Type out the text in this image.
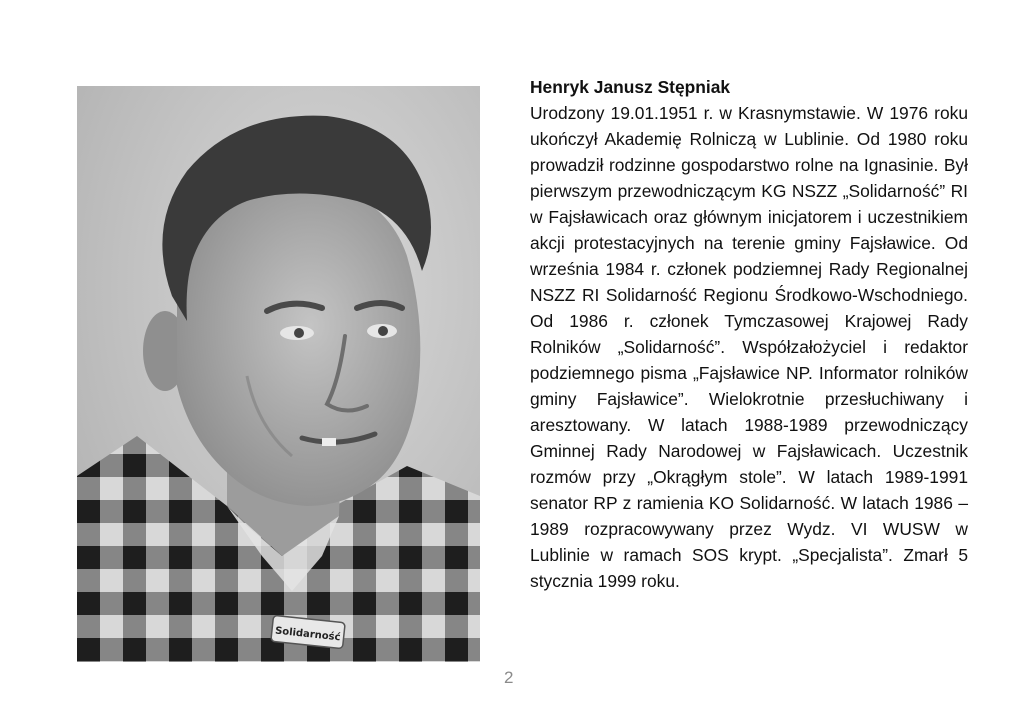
Solidarność

Henryk Janusz Stępniak

Urodzony 19.01.1951 r. w Krasnymstawie. W 1976 roku ukończył Akademię Rolniczą w Lublinie. Od 1980 roku prowadził rodzinne gospodarstwo rolne na Ignasinie. Był pierwszym przewodniczącym KG NSZZ „Solidarność” RI w Fajsławicach oraz głównym inicjatorem i uczestnikiem akcji protestacyjnych na terenie gminy Fajsławice. Od września 1984 r. członek podziemnej Rady Regionalnej NSZZ RI Solidarność Regionu Środkowo-Wschodniego. Od 1986 r. członek Tymczasowej Krajowej Rady Rolników „Solidarność”. Współzałożyciel i redaktor podziemnego pisma „Fajsławice NP. Informator rolników gminy Fajsławice”. Wielokrotnie przesłuchiwany i aresztowany. W latach 1988-1989 przewodniczący Gminnej Rady Narodowej w Fajsławicach. Uczestnik rozmów przy „Okrągłym stole”. W latach 1989-1991 senator RP z ramienia KO Solidarność. W latach 1986 –1989 rozpracowywany przez Wydz. VI WUSW w Lublinie w ramach SOS krypt. „Specjalista”. Zmarł 5 stycznia 1999 roku.

2
